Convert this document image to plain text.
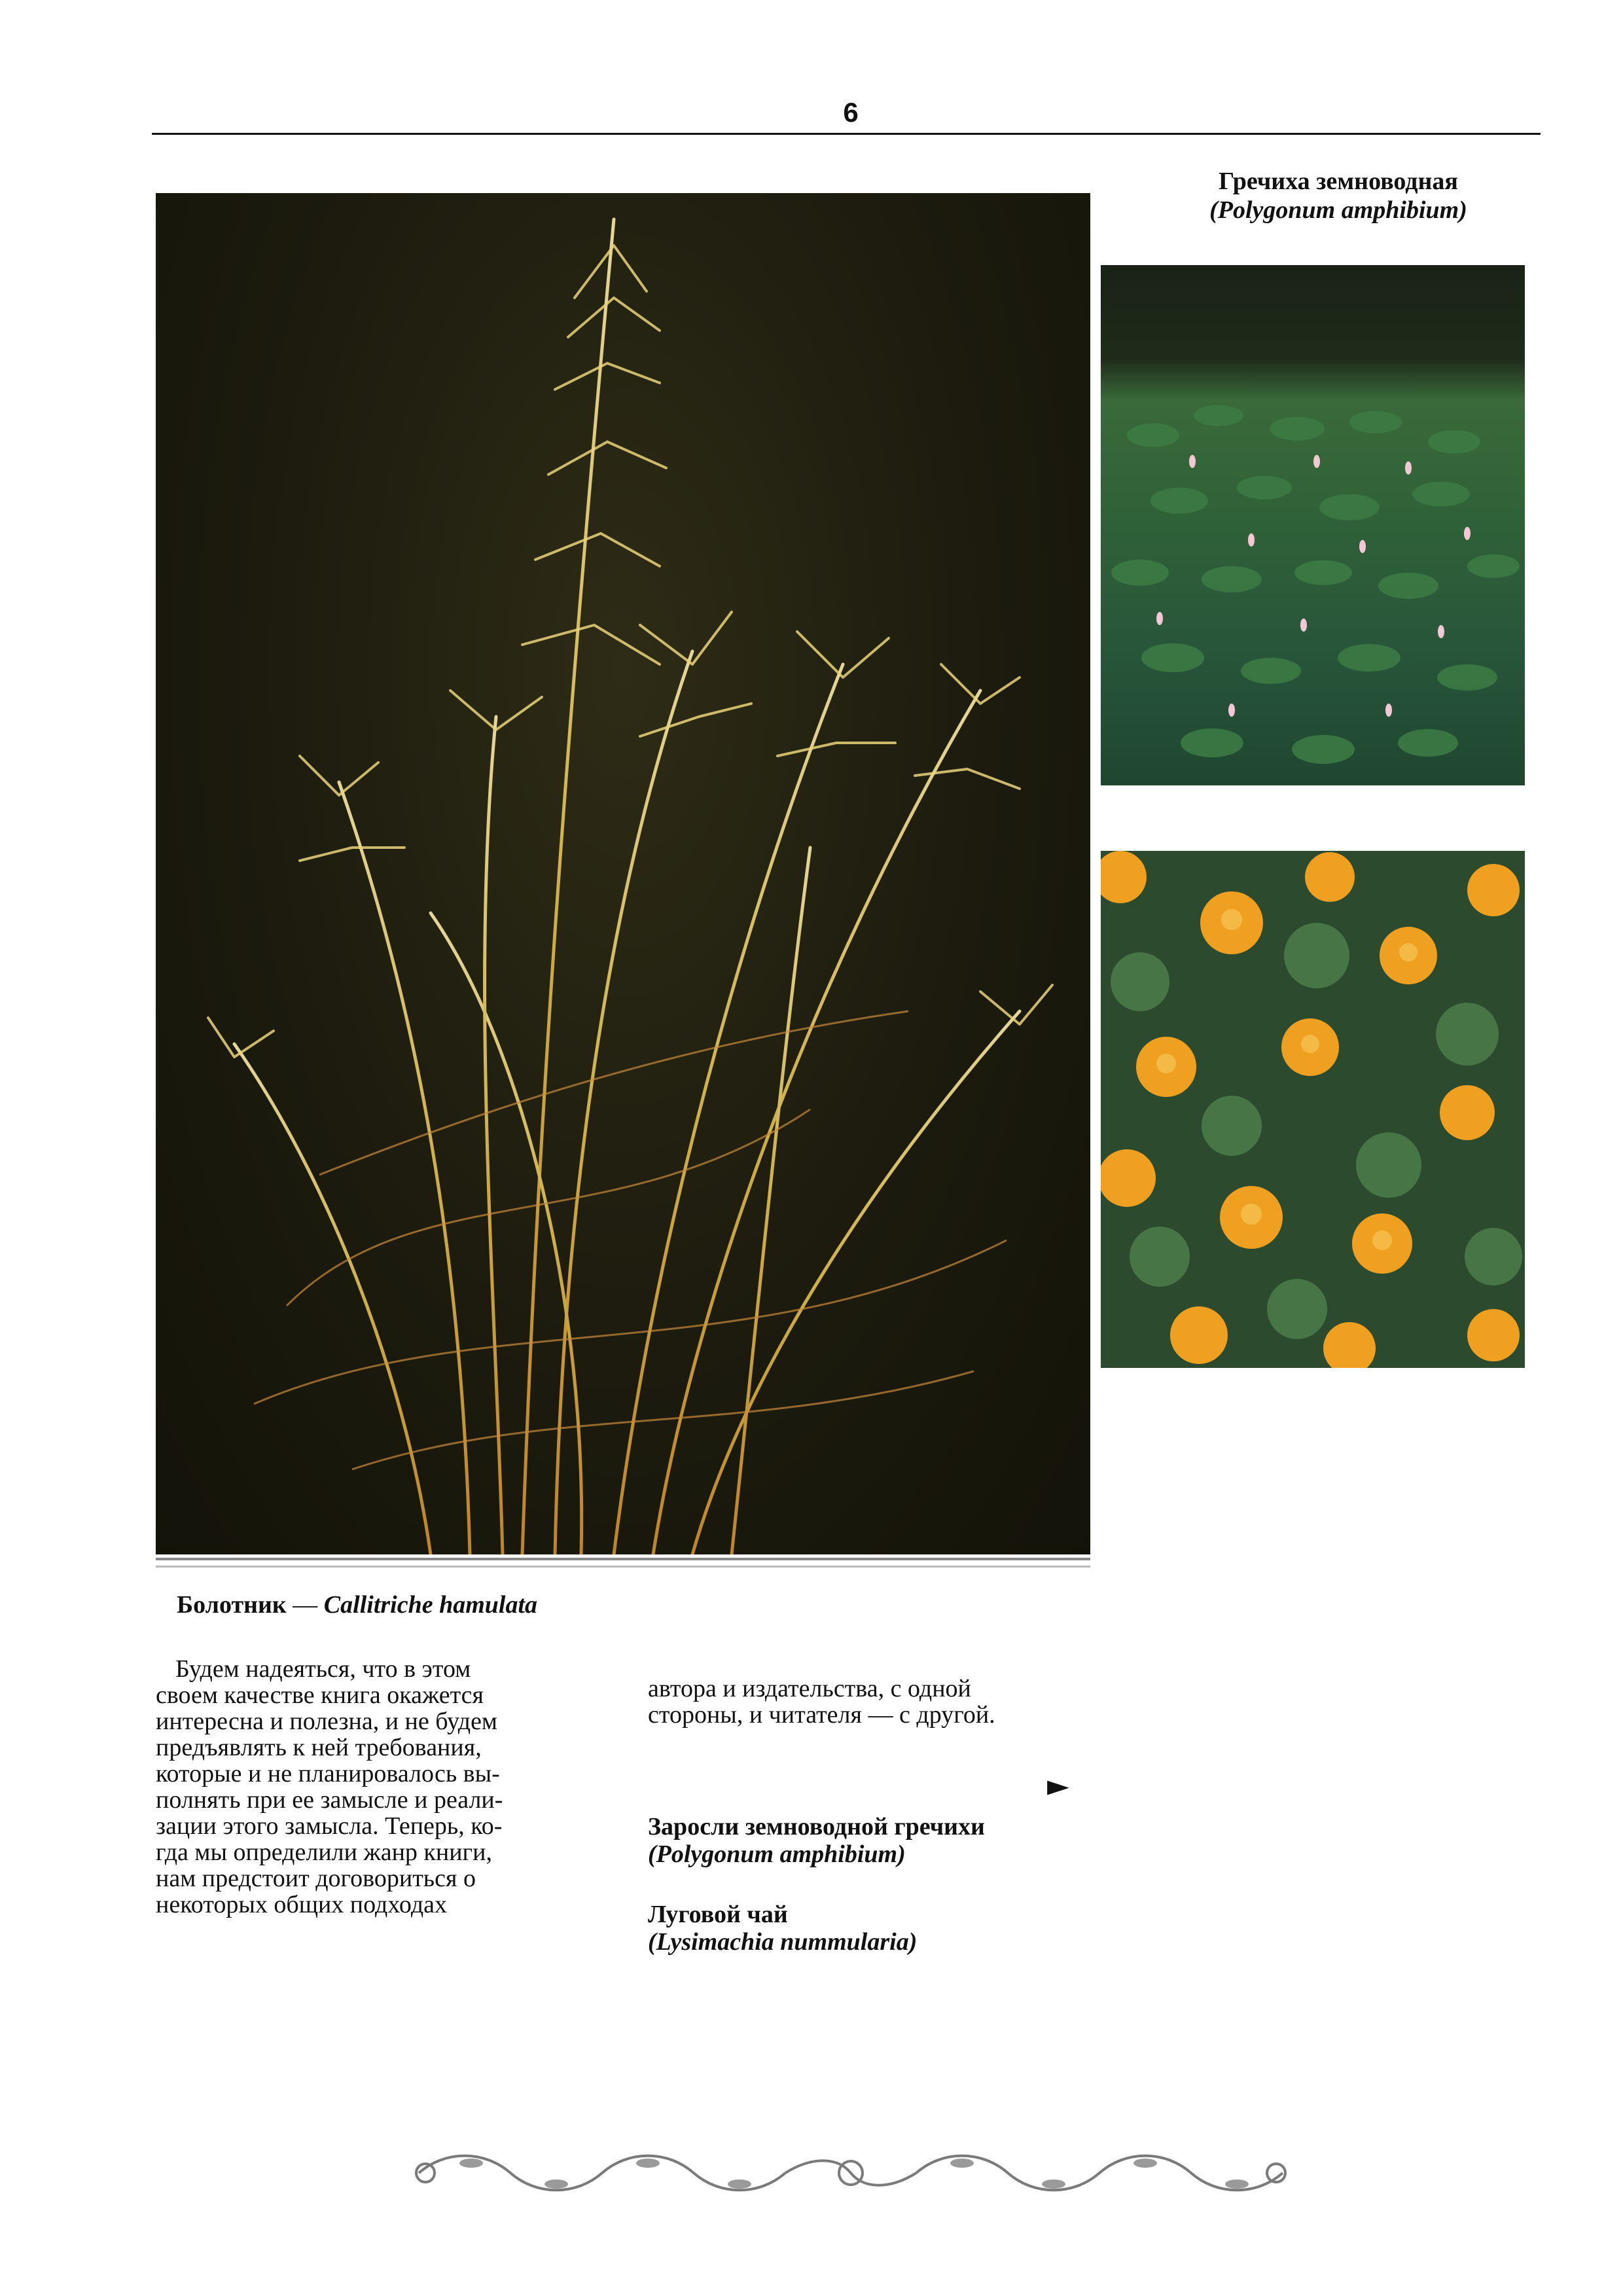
6
Гречиха земноводная
(Polygonum amphibium)
Болотник — Callitriche hamulata
Будем надеяться, что в этом
своем качестве книга окажется
интересна и полезна, и не будем
предъявлять к ней требования,
которые и не планировалось вы-
полнять при ее замысле и реали-
зации этого замысла. Теперь, ко-
гда мы определили жанр книги,
нам предстоит договориться о
некоторых общих подходах
автора и издательства, с одной
стороны, и читателя — с другой.
►
Заросли земноводной гречихи
(Polygonum amphibium)
Луговой чай
(Lysimachia nummularia)
